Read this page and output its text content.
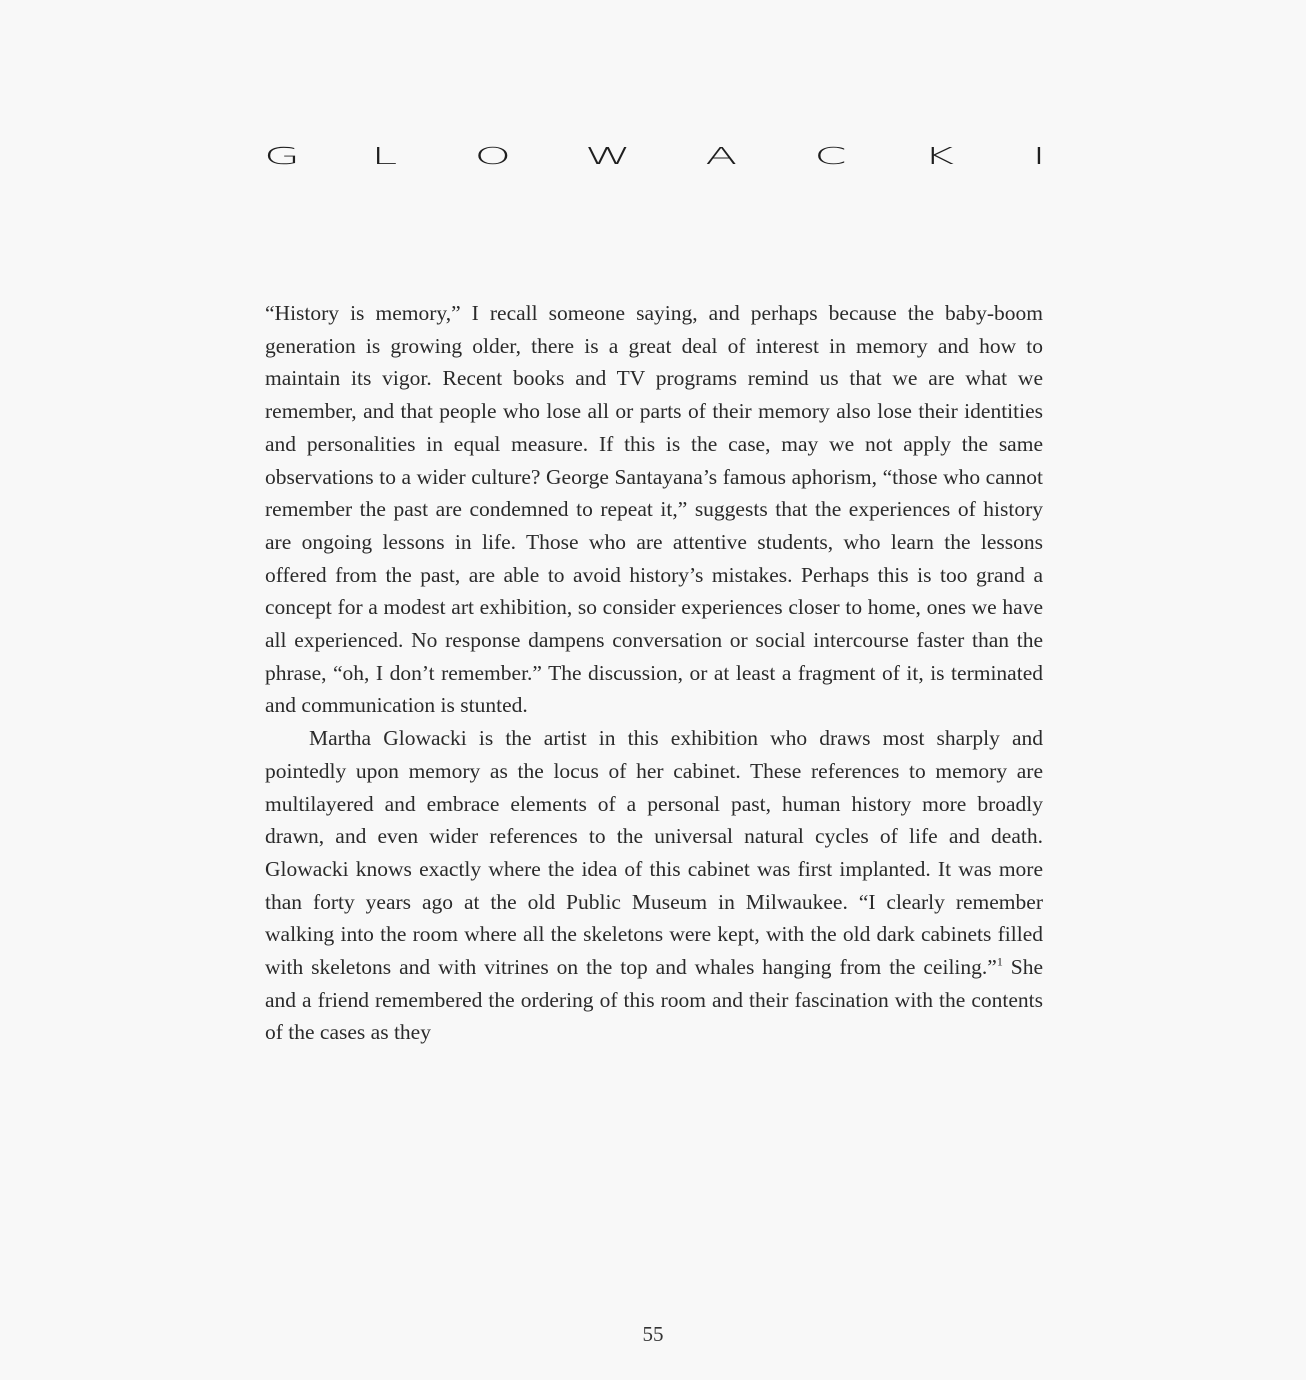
G L	O W A	C	K	I

“History is memory,” I recall someone saying, and perhaps because the baby-boom generation is growing older, there is a great deal of interest in memory and how to maintain its vigor. Recent books and TV programs remind us that we are what we remember, and that people who lose all or parts of their memory also lose their identities and personalities in equal measure. If this is the case, may we not apply the same observations to a wider culture? George Santayana’s famous aphorism, “those who cannot remember the past are condemned to repeat it,” suggests that the experiences of history are ongoing lessons in life. Those who are attentive students, who learn the lessons offered from the past, are able to avoid history’s mistakes. Perhaps this is too grand a concept for a modest art exhibition, so consider experiences closer to home, ones we have all experienced. No response dampens conversation or social intercourse faster than the phrase, “oh, I don’t remember.” The discussion, or at least a fragment of it, is terminated and communication is stunted.

Martha Glowacki is the artist in this exhibition who draws most sharply and pointedly upon memory as the locus of her cabinet. These references to memory are multilayered and embrace elements of a personal past, human history more broadly drawn, and even wider references to the universal natural cycles of life and death. Glowacki knows exactly where the idea of this cabinet was first implanted. It was more than forty years ago at the old Public Museum in Milwaukee. “I clearly remember walking into the room where all the skeletons were kept, with the old dark cabinets filled with skeletons and with vitrines on the top and whales hanging from the ceiling.”$^1$ She and a friend remembered the ordering of this room and their fascination with the contents of the cases as they

55
